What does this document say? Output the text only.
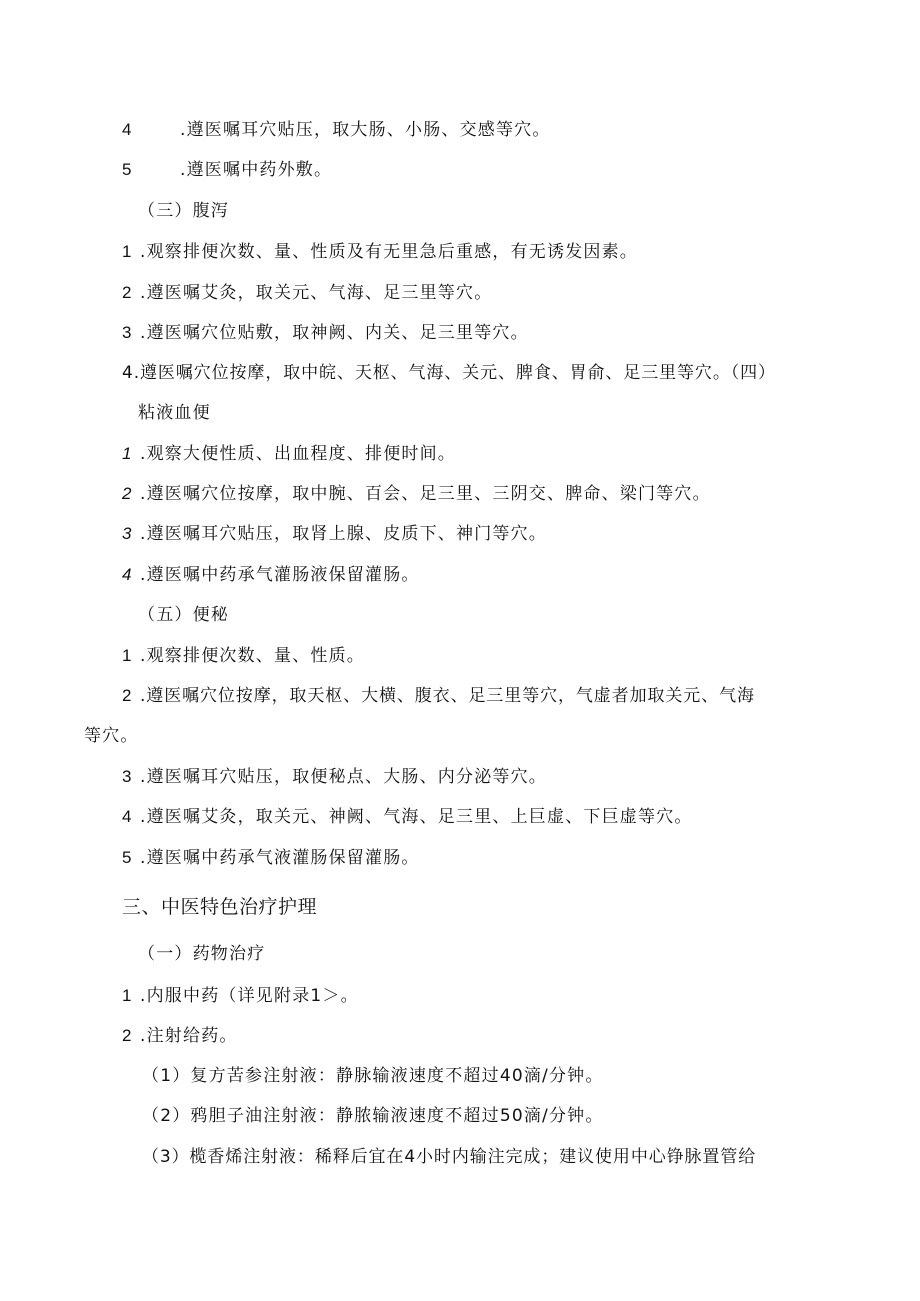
4	.遵医嘱耳穴贴压，取大肠、小肠、交感等穴。
5	.遵医嘱中药外敷。
（三）腹泻
1 .观察排便次数、量、性质及有无里急后重感，有无诱发因素。
2 .遵医嘱艾灸，取关元、气海、足三里等穴。
3 .遵医嘱穴位贴敷，取神阙、内关、足三里等穴。
4.遵医嘱穴位按摩，取中皖、天枢、气海、关元、脾食、胃俞、足三里等穴。（四）
粘液血便
1 .观察大便性质、出血程度、排便时间。
2 .遵医嘱穴位按摩，取中腕、百会、足三里、三阴交、脾命、梁门等穴。
3 .遵医嘱耳穴贴压，取肾上腺、皮质下、神门等穴。
4 .遵医嘱中药承气灌肠液保留灌肠。
（五）便秘
1 .观察排便次数、量、性质。
2 .遵医嘱穴位按摩，取天枢、大横、腹衣、足三里等穴，气虚者加取关元、气海
等穴。
3 .遵医嘱耳穴贴压，取便秘点、大肠、内分泌等穴。
4 .遵医嘱艾灸，取关元、神阙、气海、足三里、上巨虚、下巨虚等穴。
5 .遵医嘱中药承气液灌肠保留灌肠。
三、中医特色治疗护理
（一）药物治疗
1 .内服中药（详见附录1＞。
2 .注射给药。
（1）复方苦参注射液：静脉输液速度不超过40滴/分钟。
（2）鸦胆子油注射液：静脓输液速度不超过50滴/分钟。
（3）榄香烯注射液：稀释后宜在4小时内输注完成；建议使用中心铮脉置管给
